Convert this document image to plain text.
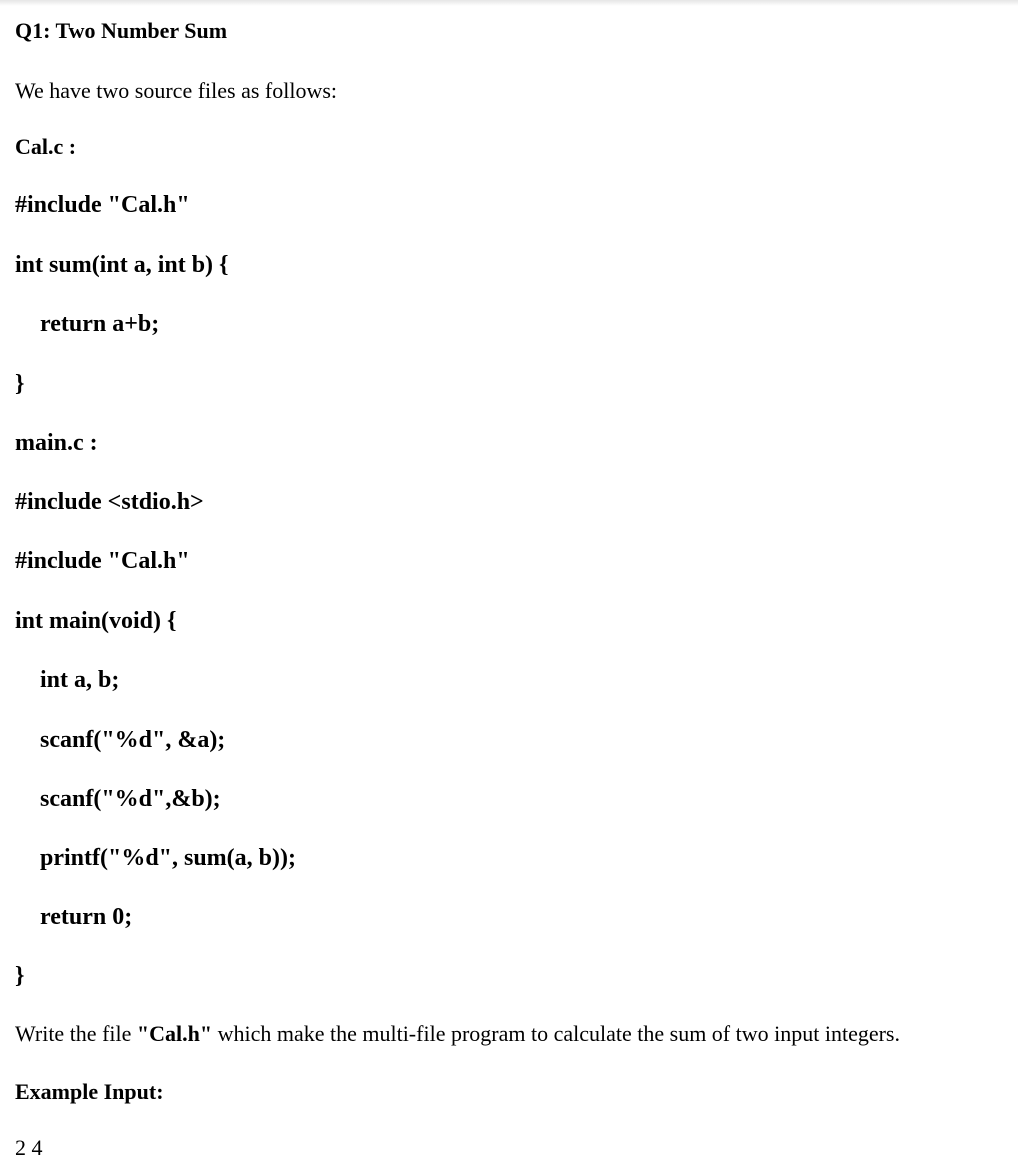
Q1: Two Number Sum
We have two source files as follows:
Cal.c :
#include "Cal.h"
int sum(int a, int b) {
return a+b;
}
main.c :
#include <stdio.h>
#include "Cal.h"
int main(void) {
int a, b;
scanf("%d", &a);
scanf("%d",&b);
printf("%d", sum(a, b));
return 0;
}
Write the file "Cal.h" which make the multi-file program to calculate the sum of two input integers.
Example Input:
2 4
